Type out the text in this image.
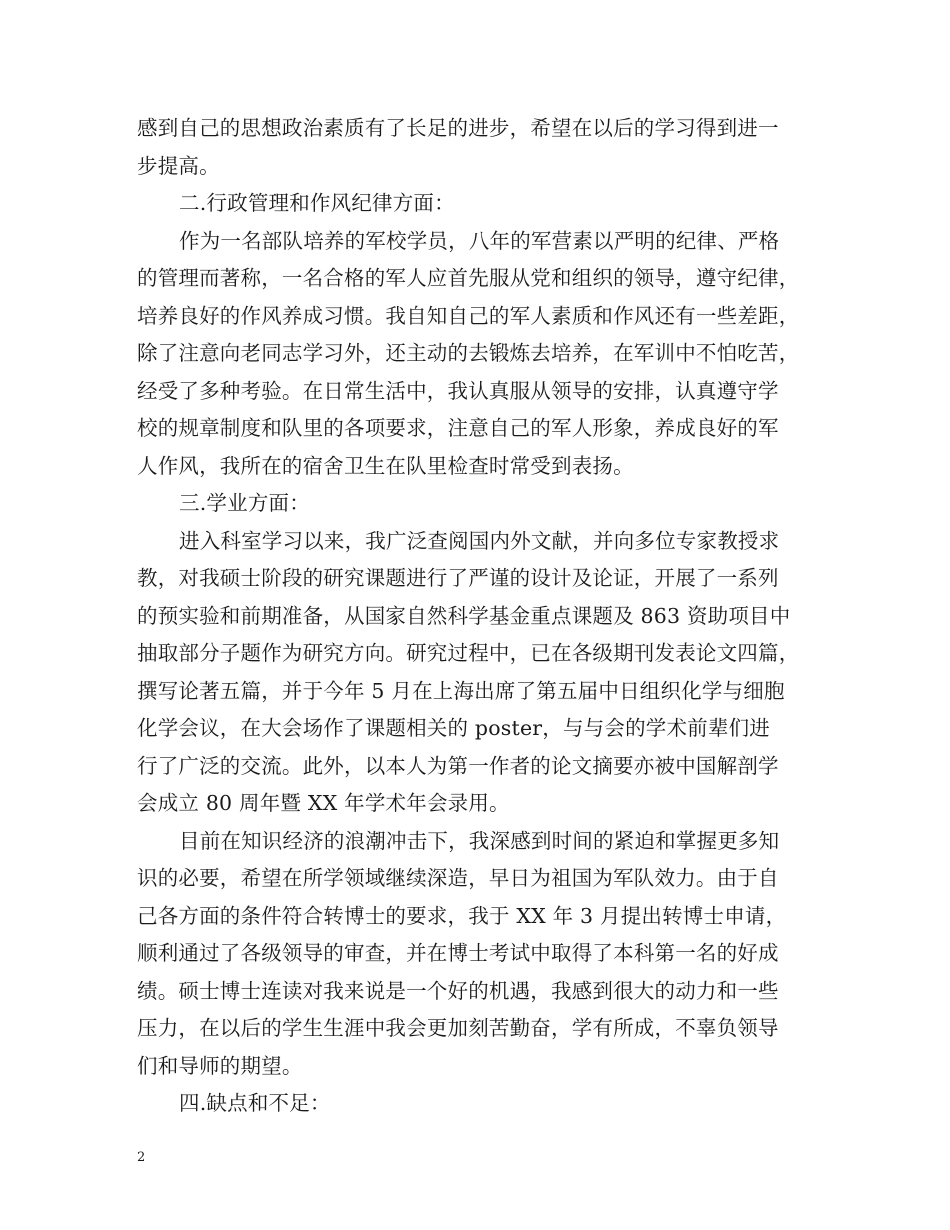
感到自己的思想政治素质有了长足的进步，希望在以后的学习得到进一
步提高。
二.行政管理和作风纪律方面：
作为一名部队培养的军校学员，八年的军营素以严明的纪律、严格
的管理而著称，一名合格的军人应首先服从党和组织的领导，遵守纪律，
培养良好的作风养成习惯。我自知自己的军人素质和作风还有一些差距，
除了注意向老同志学习外，还主动的去锻炼去培养，在军训中不怕吃苦，
经受了多种考验。在日常生活中，我认真服从领导的安排，认真遵守学
校的规章制度和队里的各项要求，注意自己的军人形象，养成良好的军
人作风，我所在的宿舍卫生在队里检查时常受到表扬。
三.学业方面：
进入科室学习以来，我广泛查阅国内外文献，并向多位专家教授求
教，对我硕士阶段的研究课题进行了严谨的设计及论证，开展了一系列
的预实验和前期准备，从国家自然科学基金重点课题及 863 资助项目中
抽取部分子题作为研究方向。研究过程中，已在各级期刊发表论文四篇，
撰写论著五篇，并于今年 5 月在上海出席了第五届中日组织化学与细胞
化学会议，在大会场作了课题相关的 poster，与与会的学术前辈们进
行了广泛的交流。此外，以本人为第一作者的论文摘要亦被中国解剖学
会成立 80 周年暨 XX 年学术年会录用。
目前在知识经济的浪潮冲击下，我深感到时间的紧迫和掌握更多知
识的必要，希望在所学领域继续深造，早日为祖国为军队效力。由于自
己各方面的条件符合转博士的要求，我于 XX 年 3 月提出转博士申请，
顺利通过了各级领导的审查，并在博士考试中取得了本科第一名的好成
绩。硕士博士连读对我来说是一个好的机遇，我感到很大的动力和一些
压力，在以后的学生生涯中我会更加刻苦勤奋，学有所成，不辜负领导
们和导师的期望。
四.缺点和不足：
2
